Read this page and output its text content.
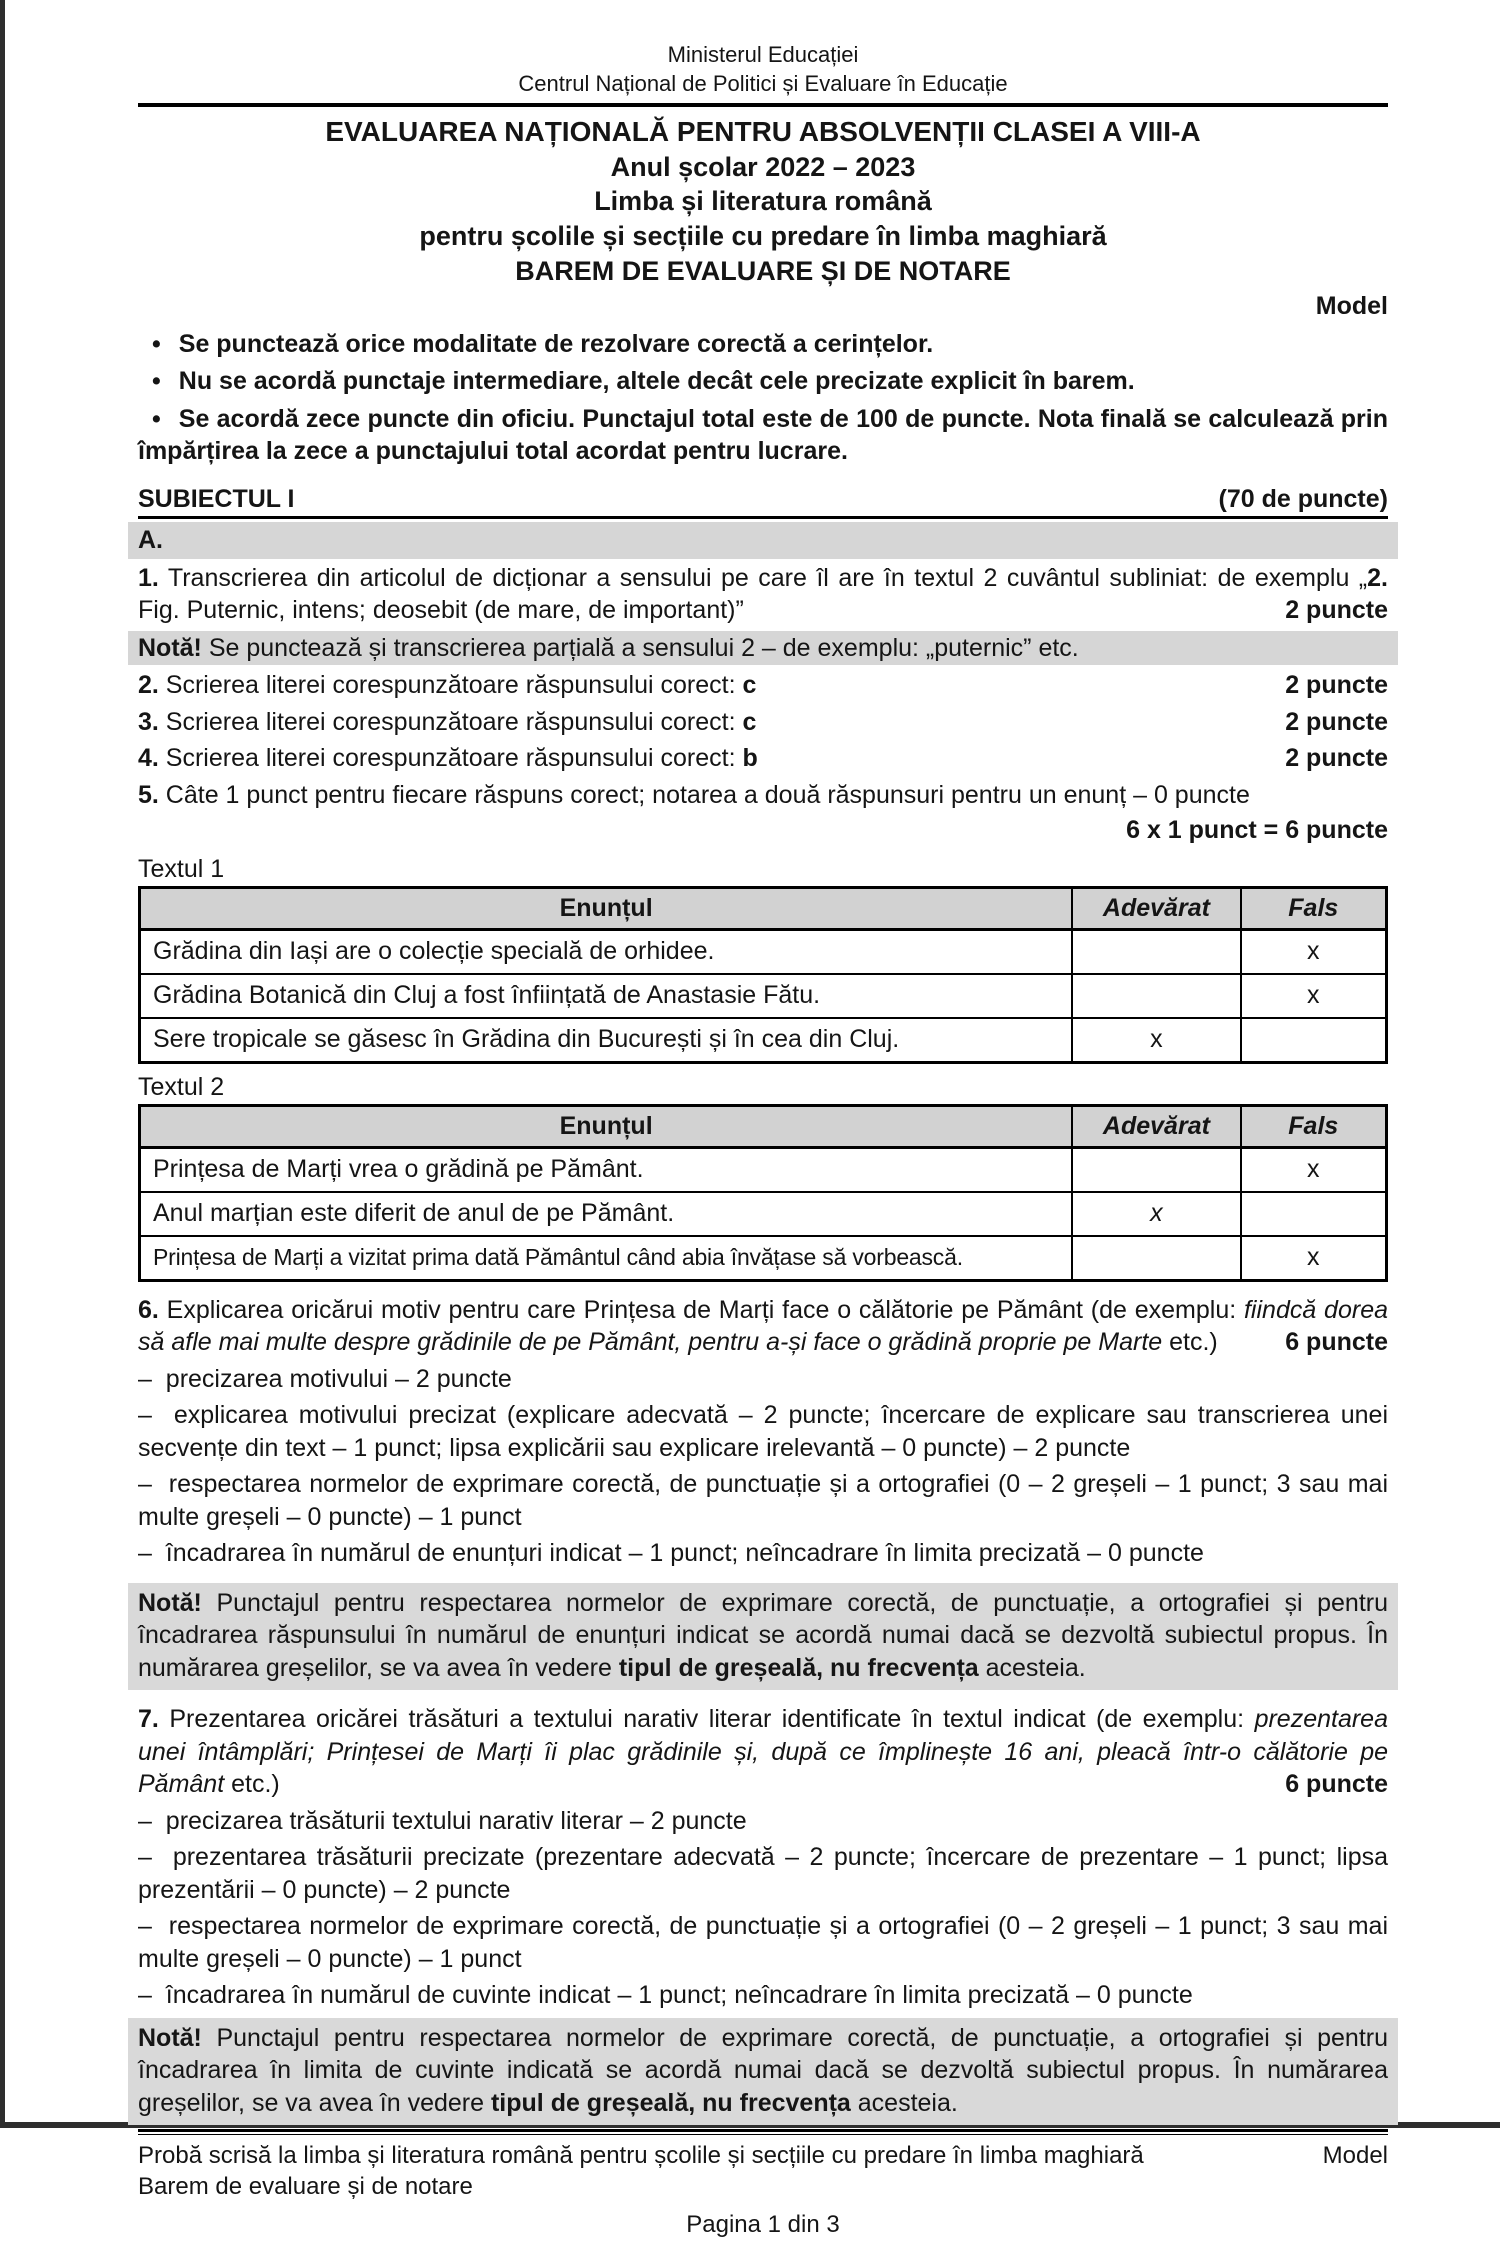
Ministerul Educației
Centrul Național de Politici și Evaluare în Educație
EVALUAREA NAȚIONALĂ PENTRU ABSOLVENȚII CLASEI A VIII-A
Anul școlar 2022 – 2023
Limba și literatura română
pentru școlile și secțiile cu predare în limba maghiară
BAREM DE EVALUARE ȘI DE NOTARE
Model

• Se punctează orice modalitate de rezolvare corectă a cerințelor.

• Nu se acordă punctaje intermediare, altele decât cele precizate explicit în barem.

• Se acordă zece puncte din oficiu. Punctajul total este de 100 de puncte. Nota finală se calculează prin împărțirea la zece a punctajului total acordat pentru lucrare.

SUBIECTUL I	(70 de puncte)
A.
1. Transcrierea din articolul de dicționar a sensului pe care îl are în textul 2 cuvântul subliniat: de exemplu „2. Fig. Puternic, intens; deosebit (de mare, de important)”	2 puncte
Notă! Se punctează și transcrierea parțială a sensului 2 – de exemplu: „puternic” etc.
2. Scrierea literei corespunzătoare răspunsului corect: c	2 puncte
3. Scrierea literei corespunzătoare răspunsului corect: c	2 puncte
4. Scrierea literei corespunzătoare răspunsului corect: b	2 puncte
5. Câte 1 punct pentru fiecare răspuns corect; notarea a două răspunsuri pentru un enunț – 0 puncte
6 x 1 punct = 6 puncte
Textul 1
Enunțul	Adevărat	Fals
Grădina din Iași are o colecție specială de orhidee.		x
Grădina Botanică din Cluj a fost înființată de Anastasie Fătu.		x
Sere tropicale se găsesc în Grădina din București și în cea din Cluj.	x	
Textul 2
Enunțul	Adevărat	Fals
Prințesa de Marți vrea o grădină pe Pământ.		x
Anul marțian este diferit de anul de pe Pământ.	x	
Prințesa de Marți a vizitat prima dată Pământul când abia învățase să vorbească.		x
6. Explicarea oricărui motiv pentru care Prințesa de Marți face o călătorie pe Pământ (de exemplu: fiindcă dorea să afle mai multe despre grădinile de pe Pământ, pentru a-și face o grădină proprie pe Marte etc.)	6 puncte
–  precizarea motivului – 2 puncte
–  explicarea motivului precizat (explicare adecvată – 2 puncte; încercare de explicare sau transcrierea unei secvențe din text – 1 punct; lipsa explicării sau explicare irelevantă – 0 puncte) – 2 puncte
–  respectarea normelor de exprimare corectă, de punctuație și a ortografiei (0 – 2 greșeli – 1 punct; 3 sau mai multe greșeli – 0 puncte) – 1 punct
–  încadrarea în numărul de enunțuri indicat – 1 punct; neîncadrare în limita precizată – 0 puncte
Notă! Punctajul pentru respectarea normelor de exprimare corectă, de punctuație, a ortografiei și pentru încadrarea răspunsului în numărul de enunțuri indicat se acordă numai dacă se dezvoltă subiectul propus. În numărarea greșelilor, se va avea în vedere tipul de greșeală, nu frecvența acesteia.
7. Prezentarea oricărei trăsături a textului narativ literar identificate în textul indicat (de exemplu: prezentarea unei întâmplări; Prințesei de Marți îi plac grădinile și, după ce împlinește 16 ani, pleacă într-o călătorie pe Pământ etc.)	6 puncte
–  precizarea trăsăturii textului narativ literar – 2 puncte
–  prezentarea trăsăturii precizate (prezentare adecvată – 2 puncte; încercare de prezentare – 1 punct; lipsa prezentării – 0 puncte) – 2 puncte
–  respectarea normelor de exprimare corectă, de punctuație și a ortografiei (0 – 2 greșeli – 1 punct; 3 sau mai multe greșeli – 0 puncte) – 1 punct
–  încadrarea în numărul de cuvinte indicat – 1 punct; neîncadrare în limita precizată – 0 puncte
Notă! Punctajul pentru respectarea normelor de exprimare corectă, de punctuație, a ortografiei și pentru încadrarea în limita de cuvinte indicată se acordă numai dacă se dezvoltă subiectul propus. În numărarea greșelilor, se va avea în vedere tipul de greșeală, nu frecvența acesteia.
Probă scrisă la limba și literatura română pentru școlile și secțiile cu predare în limba maghiară	Model
Barem de evaluare și de notare
Pagina 1 din 3
